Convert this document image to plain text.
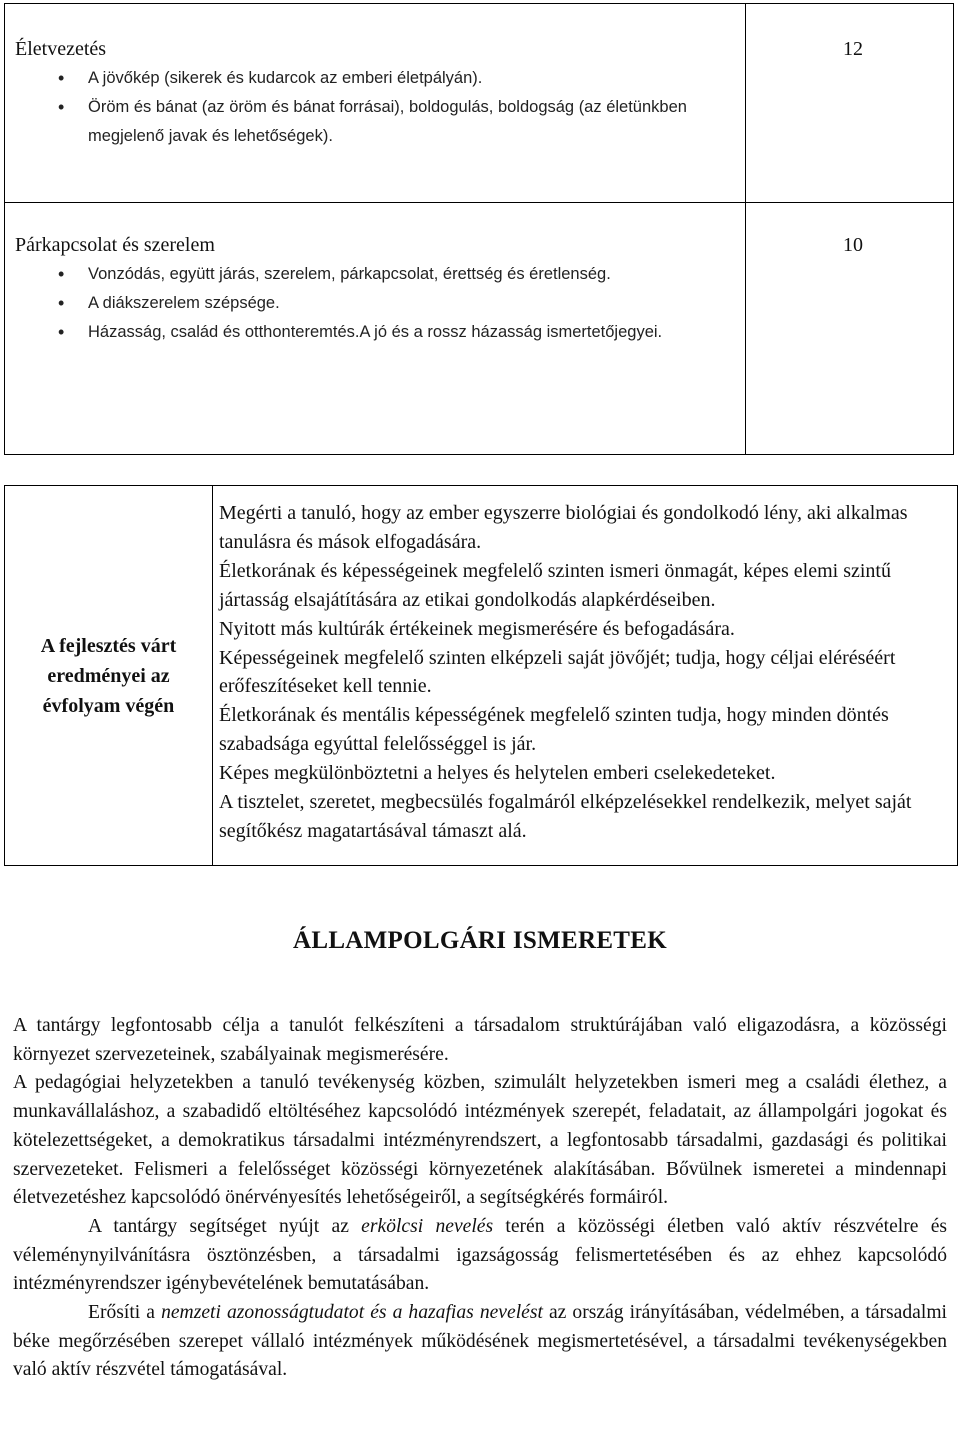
Életvezetés	12
• A jövőkép (sikerek és kudarcok az emberi életpályán).
• Öröm és bánat (az öröm és bánat forrásai), boldogulás, boldogság (az életünkben megjelenő javak és lehetőségek).
Párkapcsolat és szerelem	10
• Vonzódás, együtt járás, szerelem, párkapcsolat, érettség és éretlenség.
• A diákszerelem szépsége.
• Házasság, család és otthonteremtés.A jó és a rossz házasság ismertetőjegyei.
A fejlesztés várt
eredményei az
évfolyam végén

Megérti a tanuló, hogy az ember egyszerre biológiai és gondolkodó lény, aki alkalmas tanulásra és mások elfogadására.

Életkorának és képességeinek megfelelő szinten ismeri önmagát, képes elemi szintű jártasság elsajátítására az etikai gondolkodás alapkérdéseiben.

Nyitott más kultúrák értékeinek megismerésére és befogadására.

Képességeinek megfelelő szinten elképzeli saját jövőjét; tudja, hogy céljai eléréséért erőfeszítéseket kell tennie.

Életkorának és mentális képességének megfelelő szinten tudja, hogy minden döntés szabadsága egyúttal felelősséggel is jár.

Képes megkülönböztetni a helyes és helytelen emberi cselekedeteket.

A tisztelet, szeretet, megbecsülés fogalmáról elképzelésekkel rendelkezik, melyet saját segítőkész magatartásával támaszt alá.

ÁLLAMPOLGÁRI ISMERETEK

A tantárgy legfontosabb célja a tanulót felkészíteni a társadalom struktúrájában való eligazodásra, a közösségi környezet szervezeteinek, szabályainak megismerésére.

A pedagógiai helyzetekben a tanuló tevékenység közben, szimulált helyzetekben ismeri meg a családi élethez, a munkavállaláshoz, a szabadidő eltöltéséhez kapcsolódó intézmények szerepét, feladatait, az állampolgári jogokat és kötelezettségeket, a demokratikus társadalmi intézményrendszert, a legfontosabb társadalmi, gazdasági és politikai szervezeteket. Felismeri a felelősséget közösségi környezetének alakításában. Bővülnek ismeretei a mindennapi életvezetéshez kapcsolódó önérvényesítés lehetőségeiről, a segítségkérés formáiról.

A tantárgy segítséget nyújt az erkölcsi nevelés terén a közösségi életben való aktív részvételre és véleménynyilvánításra ösztönzésben, a társadalmi igazságosság felismertetésében és az ehhez kapcsolódó intézményrendszer igénybevételének bemutatásában.

Erősíti a nemzeti azonosságtudatot és a hazafias nevelést az ország irányításában, védelmében, a társadalmi béke megőrzésében szerepet vállaló intézmények működésének megismertetésével, a társadalmi tevékenységekben való aktív részvétel támogatásával.
